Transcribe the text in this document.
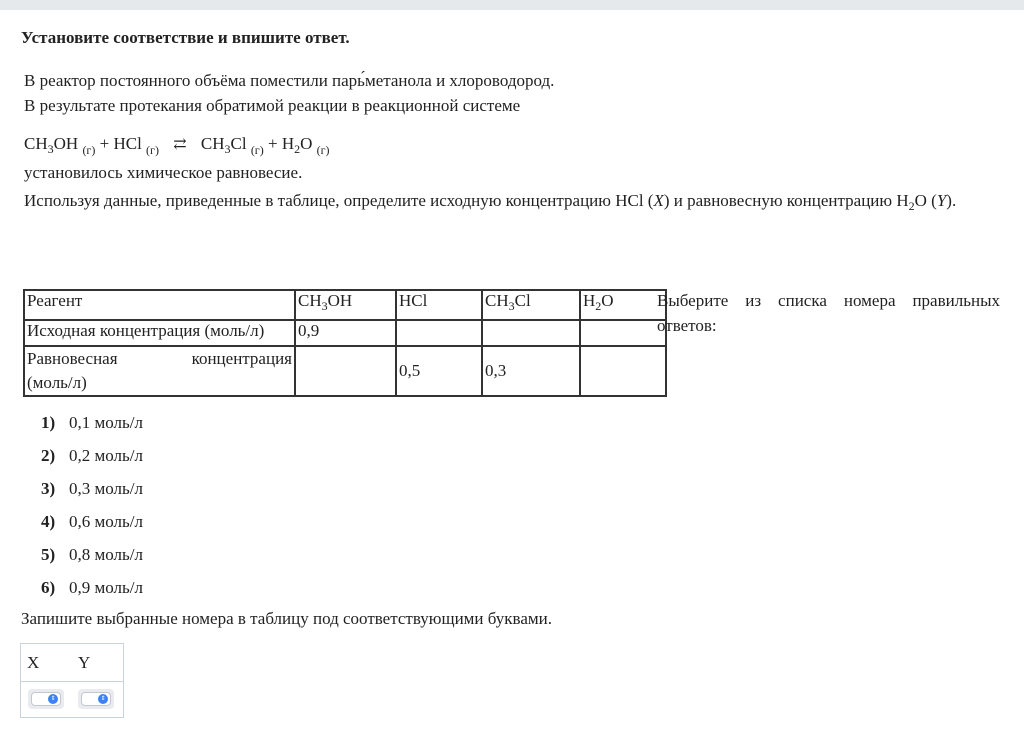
Установите соответствие и впишите ответ.
В реактор постоянного объёма поместили парь́метанола и хлороводород.
В результате протекания обратимой реакции в реакционной системе
$CH_3OH$ $_{(г)}$ + HCl $_{(г)}$ ⇄ $CH_3Cl$ $_{(г)} + H_2O$ $_{(г)}$
установилось химическое равновесие.
Используя данные, приведенные в таблице, определите исходную концентрацию HCl (X) и равновесную концентрацию $H_2O$ (Y).
Реагент	$CH_3OH$	HCl	$CH_3Cl$	$H_2O$
Исходная концентрация (моль/л)	0,9			

Равновесная концентрация
(моль/л)		0,5	0,3	
Выберите из списка номера правильных ответов:
1) 0,1 моль/л
2) 0,2 моль/л
3) 0,3 моль/л
4) 0,6 моль/л
5) 0,8 моль/л
6) 0,9 моль/л
Запишите выбранные номера в таблицу под соответствующими буквами.
X Y
⇕	⇕
